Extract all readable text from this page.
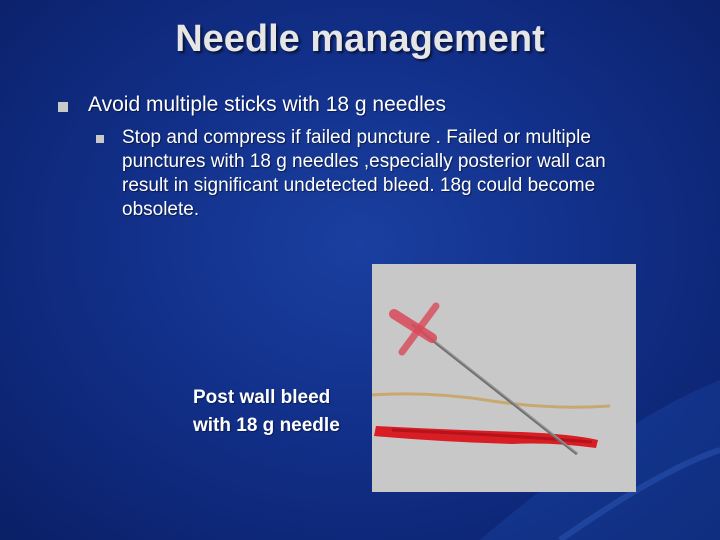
Needle management
Avoid multiple sticks with 18 g needles
Stop and compress if failed puncture . Failed or multiple punctures with 18 g needles ,especially posterior wall can result in significant undetected bleed. 18g could become obsolete.
Post wall bleed
with 18 g needle
